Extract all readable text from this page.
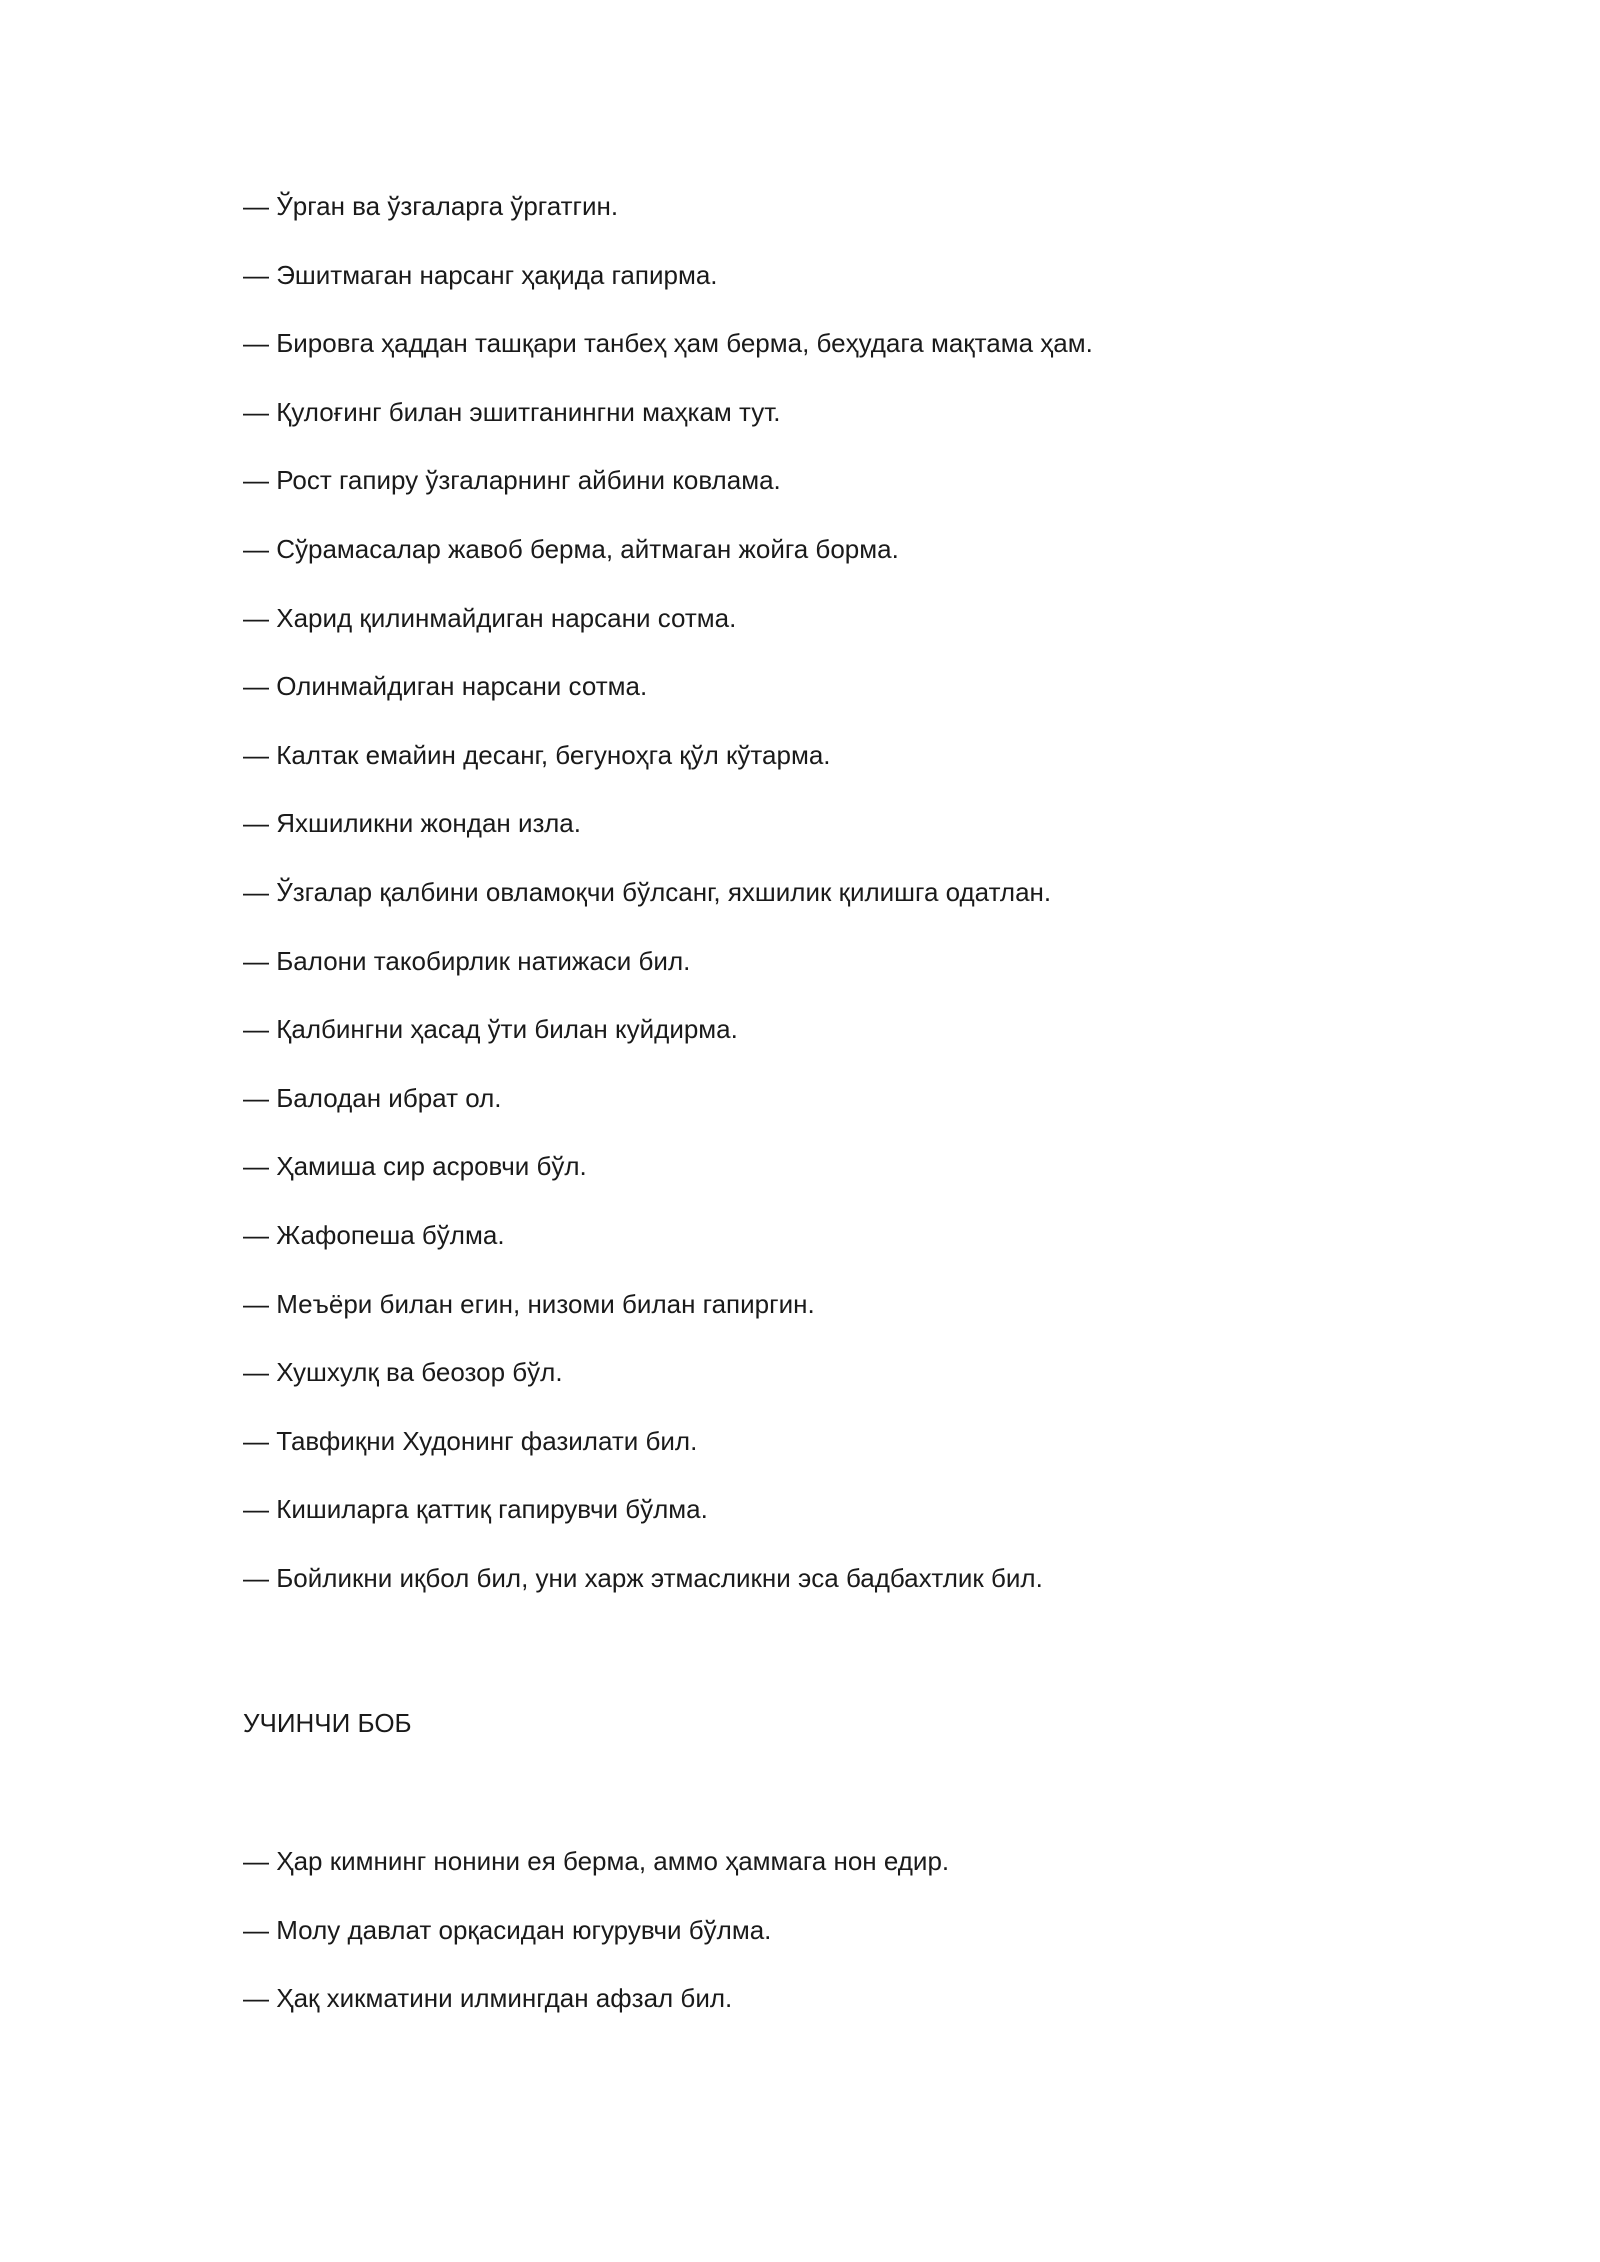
— Ўрган ва ўзгаларга ўргатгин.
— Эшитмаган нарсанг ҳақида гапирма.
— Бировга ҳаддан ташқари танбеҳ ҳам берма, беҳудага мақтама ҳам.
— Қулоғинг билан эшитганингни маҳкам тут.
— Рост гапиру ўзгаларнинг айбини ковлама.
— Сўрамасалар жавоб берма, айтмаган жойга борма.
— Харид қилинмайдиган нарсани сотма.
— Олинмайдиган нарсани сотма.
— Калтак емайин десанг, бегуноҳга қўл кўтарма.
— Яхшиликни жондан изла.
— Ўзгалар қалбини овламоқчи бўлсанг, яхшилик қилишга одатлан.
— Балони такобирлик натижаси бил.
— Қалбингни ҳасад ўти билан куйдирма.
— Балодан ибрат ол.
— Ҳамиша сир асровчи бўл.
— Жафопеша бўлма.
— Меъёри билан егин, низоми билан гапиргин.
— Хушхулқ ва беозор бўл.
— Тавфиқни Худонинг фазилати бил.
— Кишиларга қаттиқ гапирувчи бўлма.
— Бойликни иқбол бил, уни харж этмасликни эса бадбахтлик бил.
УЧИНЧИ БОБ
— Ҳар кимнинг нонини ея берма, аммо ҳаммага нон едир.
— Молу давлат орқасидан югурувчи бўлма.
— Ҳақ хикматини илмингдан афзал бил.
